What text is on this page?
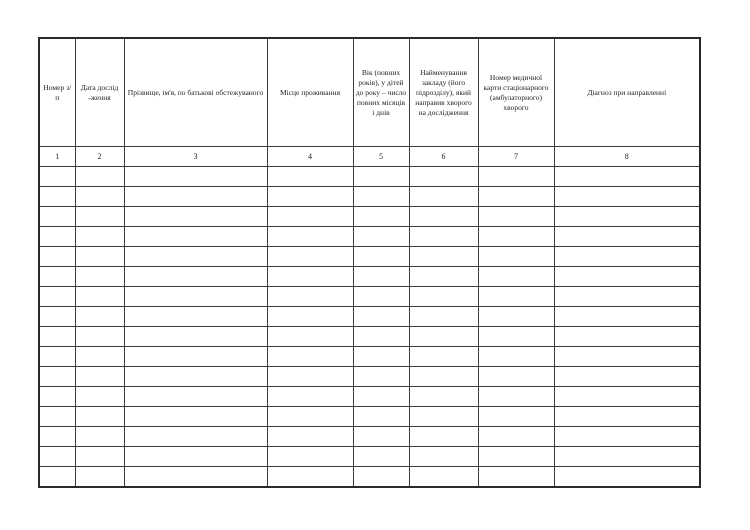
Номер з/п	Дата дослід -ження	Прізвище, ім'я, по батькові обстежуваного	Місце проживання	Вік (повних років), у дітей до року – число повних місяців і днів	Найменування закладу (його підрозділу), який направив хворого на дослідження	Номер медичної карти стаціонарного (амбулаторного) хворого	Діагноз при направленні
1	2	3	4	5	6	7	8
